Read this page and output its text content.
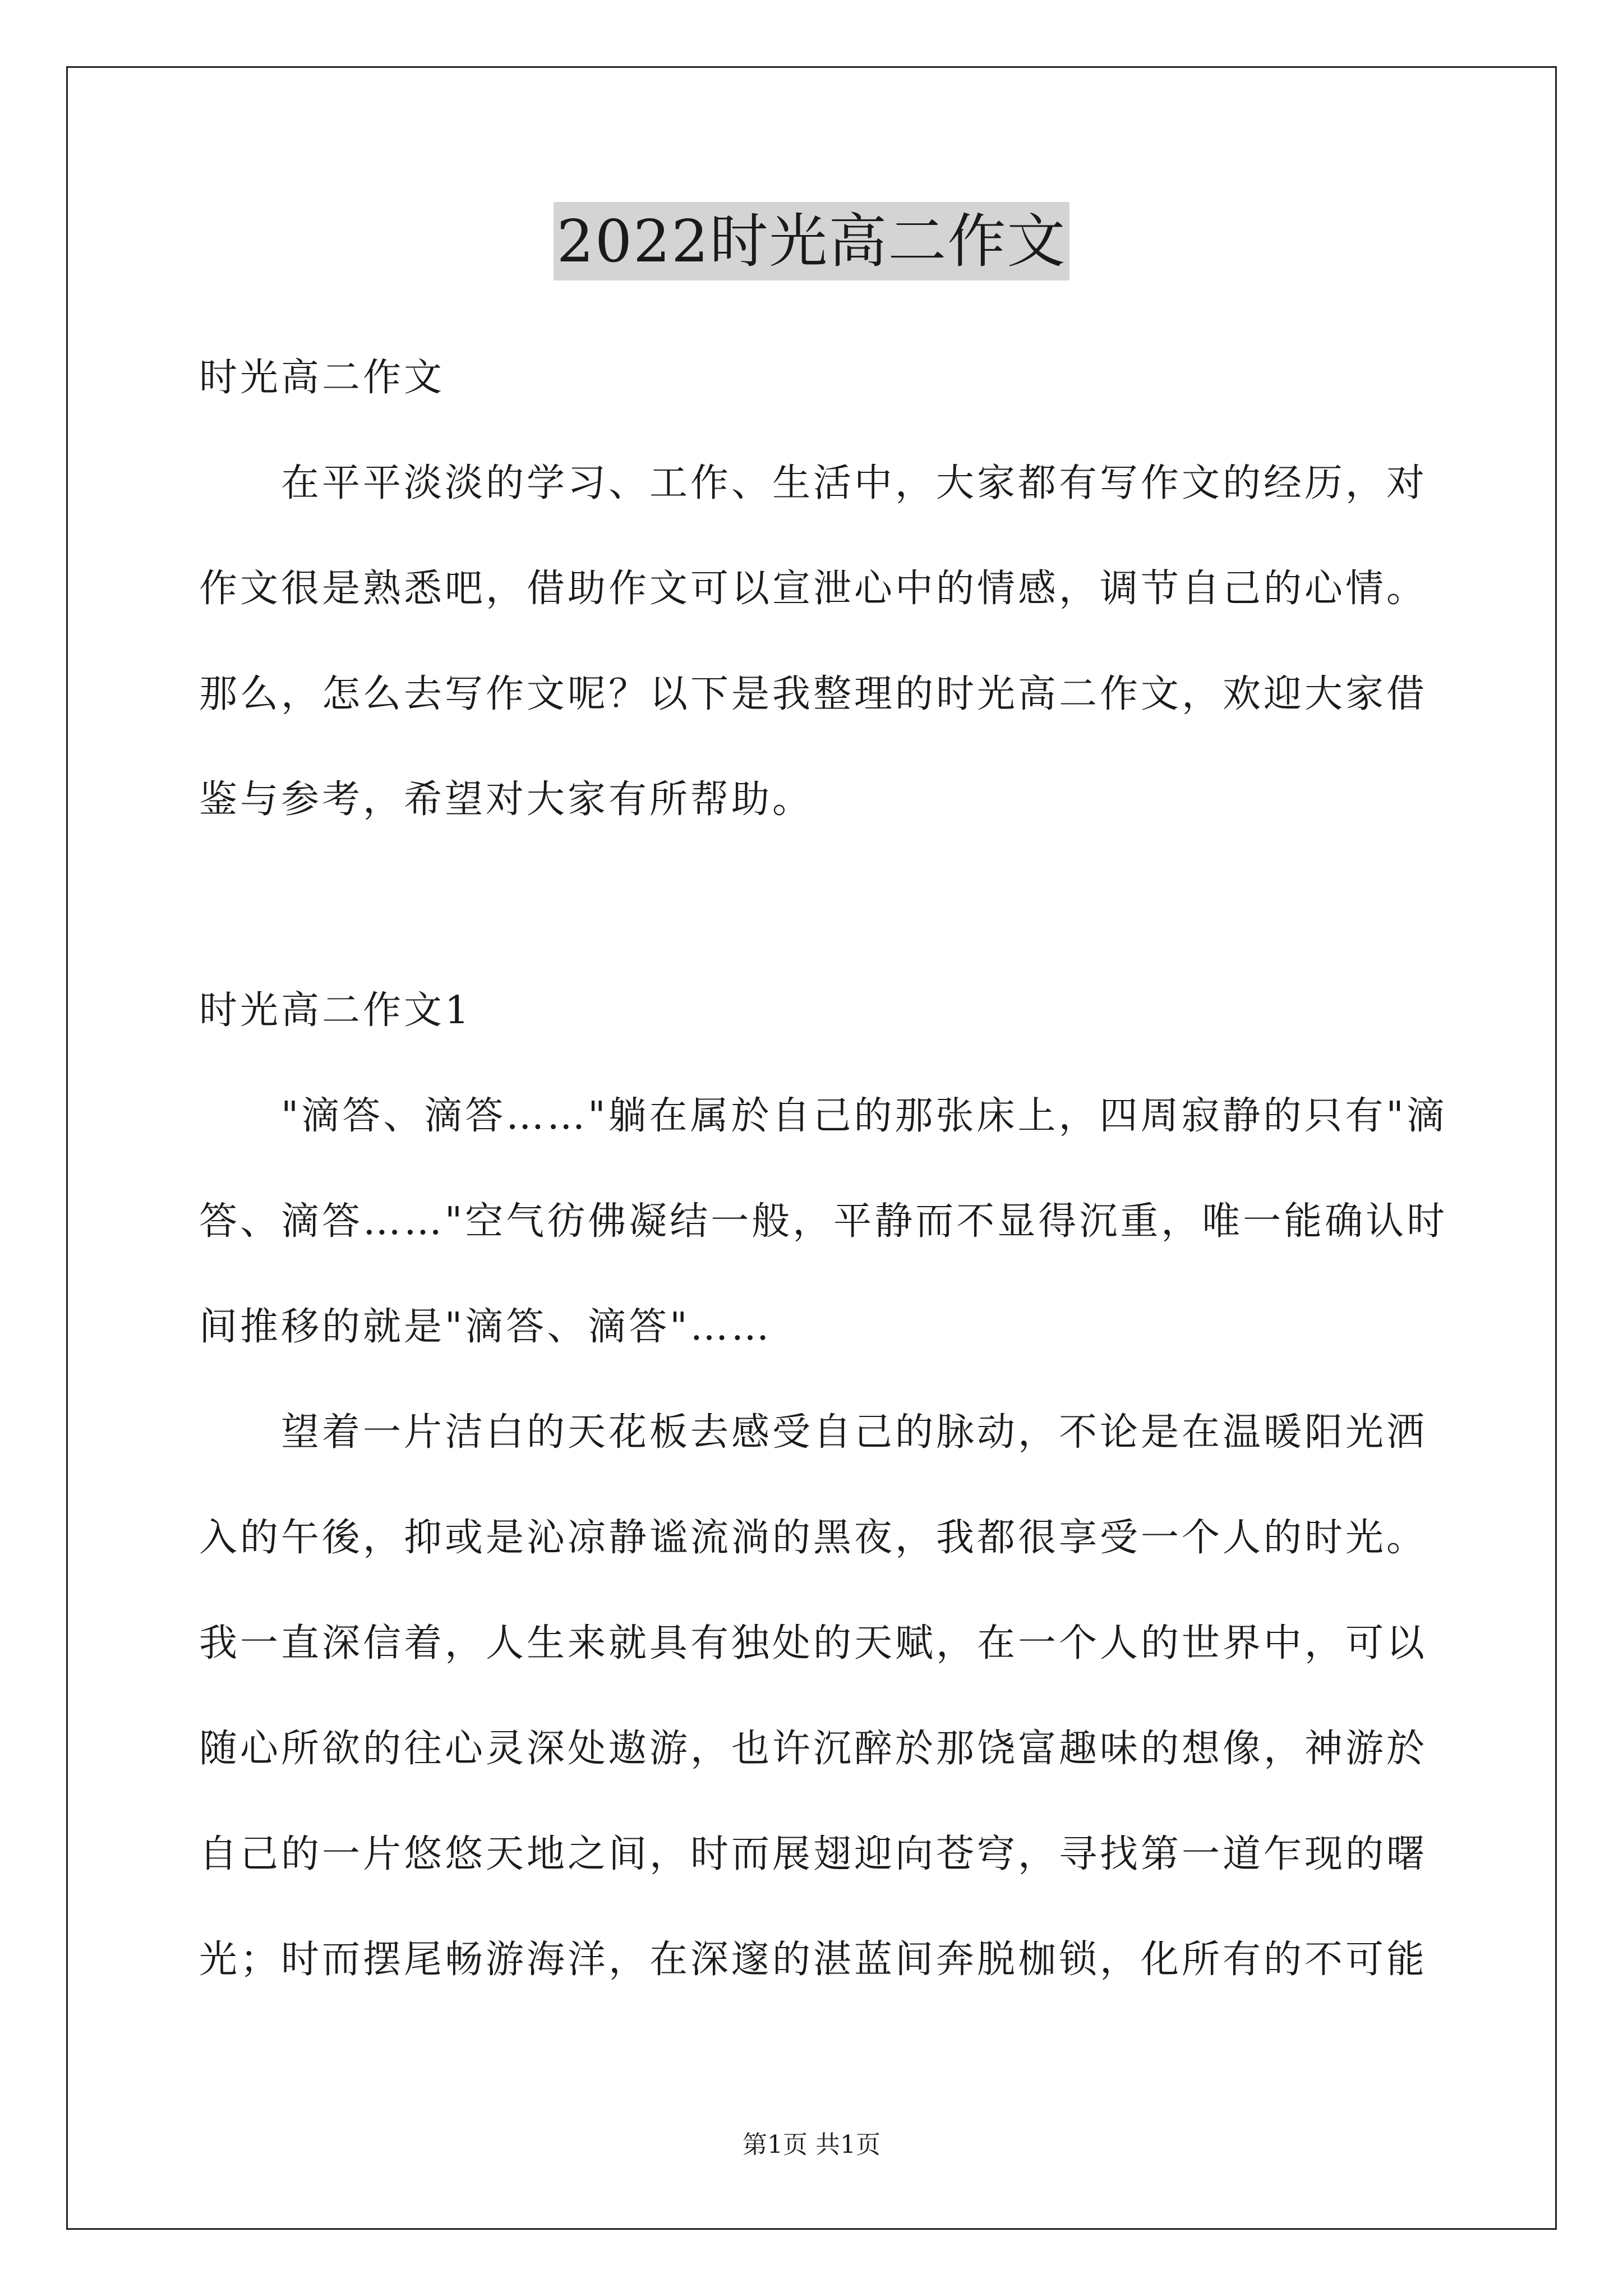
2022时光高二作文
时光高二作文
在平平淡淡的学习、工作、生活中，大家都有写作文的经历，对
作文很是熟悉吧，借助作文可以宣泄心中的情感，调节自己的心情。
那么，怎么去写作文呢？以下是我整理的时光高二作文，欢迎大家借
鉴与参考，希望对大家有所帮助。
时光高二作文1
"滴答、滴答……"躺在属於自己的那张床上，四周寂静的只有"滴
答、滴答……"空气彷佛凝结一般，平静而不显得沉重，唯一能确认时
间推移的就是"滴答、滴答"……
望着一片洁白的天花板去感受自己的脉动，不论是在温暖阳光洒
入的午後，抑或是沁凉静谧流淌的黑夜，我都很享受一个人的时光。
我一直深信着，人生来就具有独处的天赋，在一个人的世界中，可以
随心所欲的往心灵深处遨游，也许沉醉於那饶富趣味的想像，神游於
自己的一片悠悠天地之间，时而展翅迎向苍穹，寻找第一道乍现的曙
光；时而摆尾畅游海洋，在深邃的湛蓝间奔脱枷锁，化所有的不可能
第1页 共1页
